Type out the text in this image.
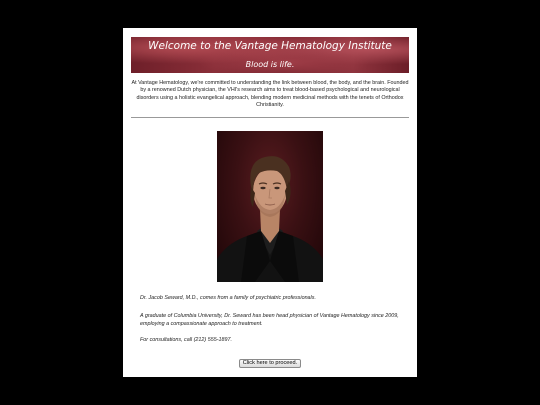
Welcome to the Vantage Hematology Institute
Blood is life.
At Vantage Hematology, we're committed to understanding the link between blood, the body, and the brain. Founded by a renowned Dutch physician, the VHI's research aims to treat blood-based psychological and neurological disorders using a holistic evangelical approach, blending modern medicinal methods with the tenets of Orthodox Christianity.
Dr. Jacob Seward, M.D., comes from a family of psychiatric professionals.
A graduate of Columbia University, Dr. Seward has been head physician of Vantage Hematology since 2009, employing a compassionate approach to treatment.
For consultations, call (212) 555-1897.
Click here to proceed.
